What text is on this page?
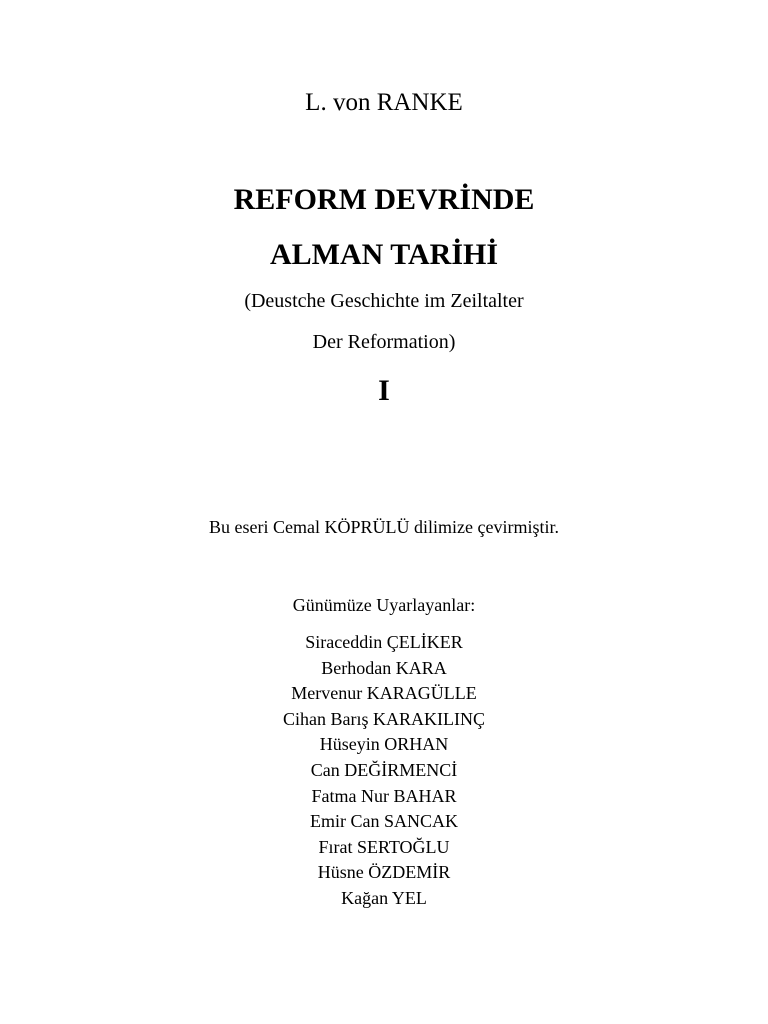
L. von RANKE
REFORM DEVRİNDE
ALMAN TARİHİ
(Deustche Geschichte im Zeiltalter
Der Reformation)
I
Bu eseri Cemal KÖPRÜLÜ dilimize çevirmiştir.
Günümüze Uyarlayanlar:
Siraceddin ÇELİKER
Berhodan KARA
Mervenur KARAGÜLLE
Cihan Barış KARAKILINÇ
Hüseyin ORHAN
Can DEĞİRMENCİ
Fatma Nur BAHAR
Emir Can SANCAK
Fırat SERTOĞLU
Hüsne ÖZDEMİR
Kağan YEL
